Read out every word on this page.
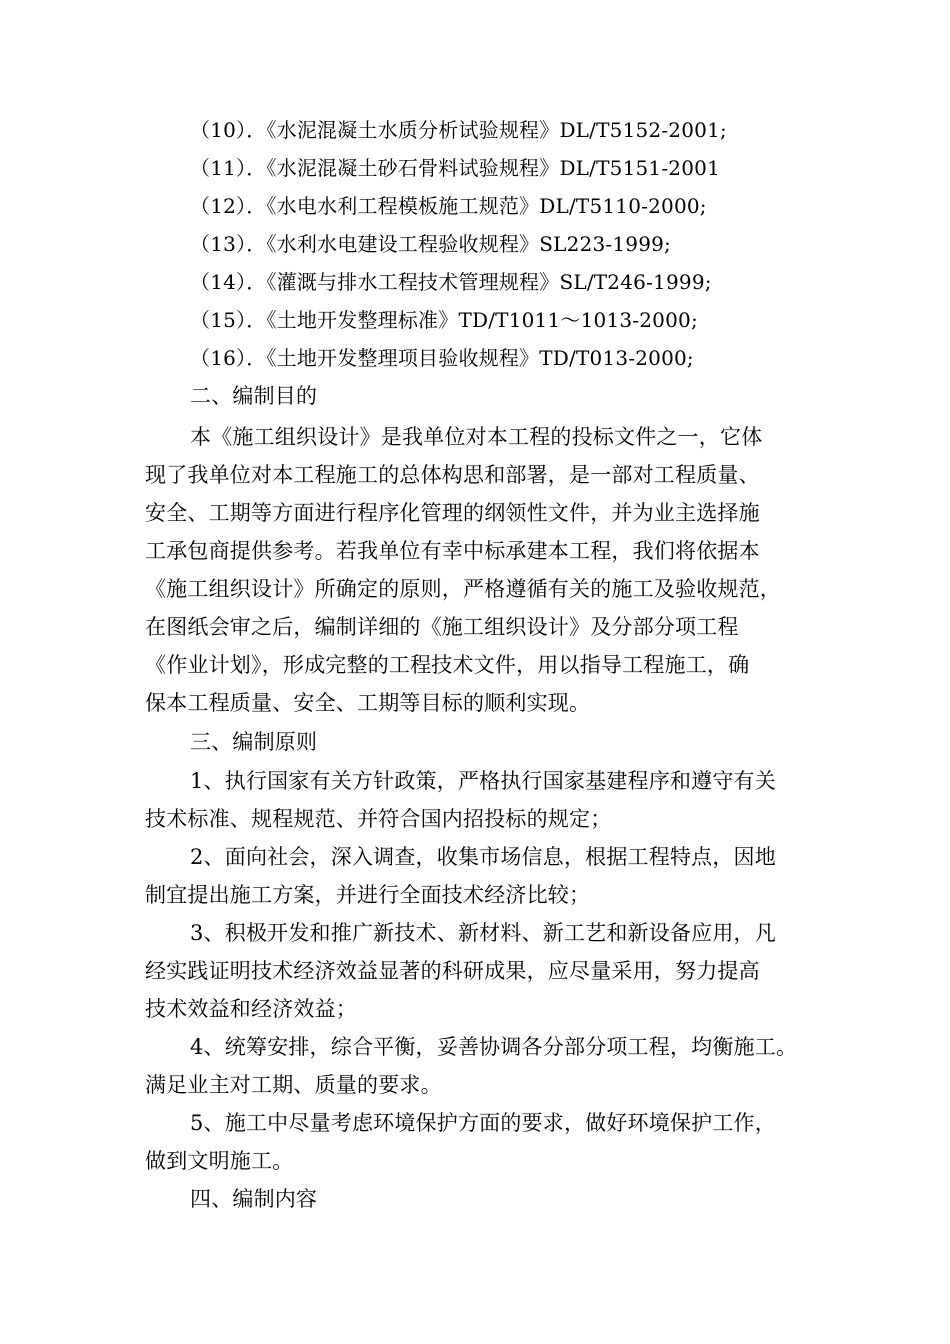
（10）．《水泥混凝土水质分析试验规程》DL/T5152-2001;
（11）．《水泥混凝土砂石骨料试验规程》DL/T5151-2001
（12）．《水电水利工程模板施工规范》DL/T5110-2000;
（13）．《水利水电建设工程验收规程》SL223-1999;
（14）．《灌溉与排水工程技术管理规程》SL/T246-1999;
（15）．《土地开发整理标准》TD/T1011～1013-2000;
（16）．《土地开发整理项目验收规程》TD/T013-2000;
二、编制目的
本《施工组织设计》是我单位对本工程的投标文件之一，它体
现了我单位对本工程施工的总体构思和部署，是一部对工程质量、
安全、工期等方面进行程序化管理的纲领性文件，并为业主选择施
工承包商提供参考。若我单位有幸中标承建本工程，我们将依据本
《施工组织设计》所确定的原则，严格遵循有关的施工及验收规范，
在图纸会审之后，编制详细的《施工组织设计》及分部分项工程
《作业计划》，形成完整的工程技术文件，用以指导工程施工，确
保本工程质量、安全、工期等目标的顺利实现。
三、编制原则
1、执行国家有关方针政策，严格执行国家基建程序和遵守有关
技术标准、规程规范、并符合国内招投标的规定；
2、面向社会，深入调查，收集市场信息，根据工程特点，因地
制宜提出施工方案，并进行全面技术经济比较；
3、积极开发和推广新技术、新材料、新工艺和新设备应用，凡
经实践证明技术经济效益显著的科研成果，应尽量采用，努力提高
技术效益和经济效益；
4、统筹安排，综合平衡，妥善协调各分部分项工程，均衡施工。
满足业主对工期、质量的要求。
5、施工中尽量考虑环境保护方面的要求，做好环境保护工作，
做到文明施工。
四、编制内容
